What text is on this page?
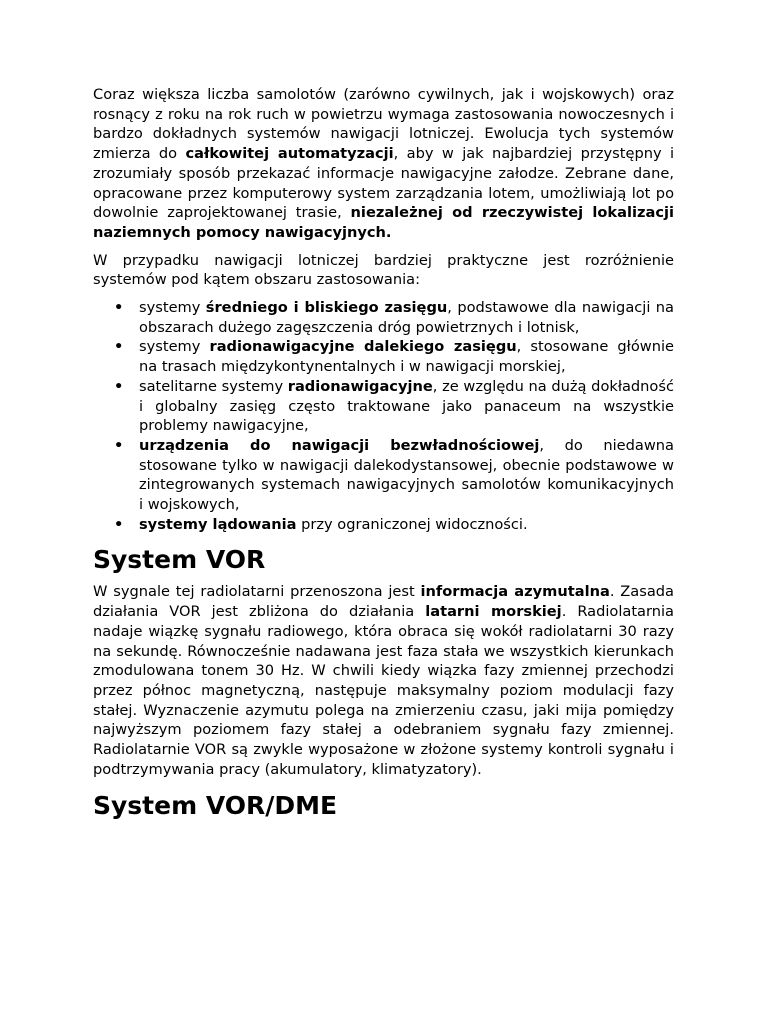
Coraz większa liczba samolotów (zarówno cywilnych, jak i wojskowych) oraz rosnący z roku na rok ruch w powietrzu wymaga zastosowania nowoczesnych i bardzo dokładnych systemów nawigacji lotniczej. Ewolucja tych systemów zmierza do całkowitej automatyzacji, aby w jak najbardziej przystępny i zrozumiały sposób przekazać informacje nawigacyjne załodze. Zebrane dane, opracowane przez komputerowy system zarządzania lotem, umożliwiają lot po dowolnie zaprojektowanej trasie, niezależnej od rzeczywistej lokalizacji naziemnych pomocy nawigacyjnych.

W przypadku nawigacji lotniczej bardziej praktyczne jest rozróżnienie systemów pod kątem obszaru zastosowania:

• systemy średniego i bliskiego zasięgu, podstawowe dla nawigacji na obszarach dużego zagęszczenia dróg powietrznych i lotnisk,
• systemy radionawigacyjne dalekiego zasięgu, stosowane głównie na trasach międzykontynentalnych i w nawigacji morskiej,
• satelitarne systemy radionawigacyjne, ze względu na dużą dokładność i globalny zasięg często traktowane jako panaceum na wszystkie problemy nawigacyjne,
• urządzenia do nawigacji bezwładnościowej, do niedawna stosowane tylko w nawigacji dalekodystansowej, obecnie podstawowe w zintegrowanych systemach nawigacyjnych samolotów komunikacyjnych i wojskowych,
• systemy lądowania przy ograniczonej widoczności.
System VOR

W sygnale tej radiolatarni przenoszona jest informacja azymutalna. Zasada działania VOR jest zbliżona do działania latarni morskiej. Radiolatarnia nadaje wiązkę sygnału radiowego, która obraca się wokół radiolatarni 30 razy na sekundę. Równocześnie nadawana jest faza stała we wszystkich kierunkach zmodulowana tonem 30 Hz. W chwili kiedy wiązka fazy zmiennej przechodzi przez północ magnetyczną, następuje maksymalny poziom modulacji fazy stałej. Wyznaczenie azymutu polega na zmierzeniu czasu, jaki mija pomiędzy najwyższym poziomem fazy stałej a odebraniem sygnału fazy zmiennej. Radiolatarnie VOR są zwykle wyposażone w złożone systemy kontroli sygnału i podtrzymywania pracy (akumulatory, klimatyzatory).

System VOR/DME
